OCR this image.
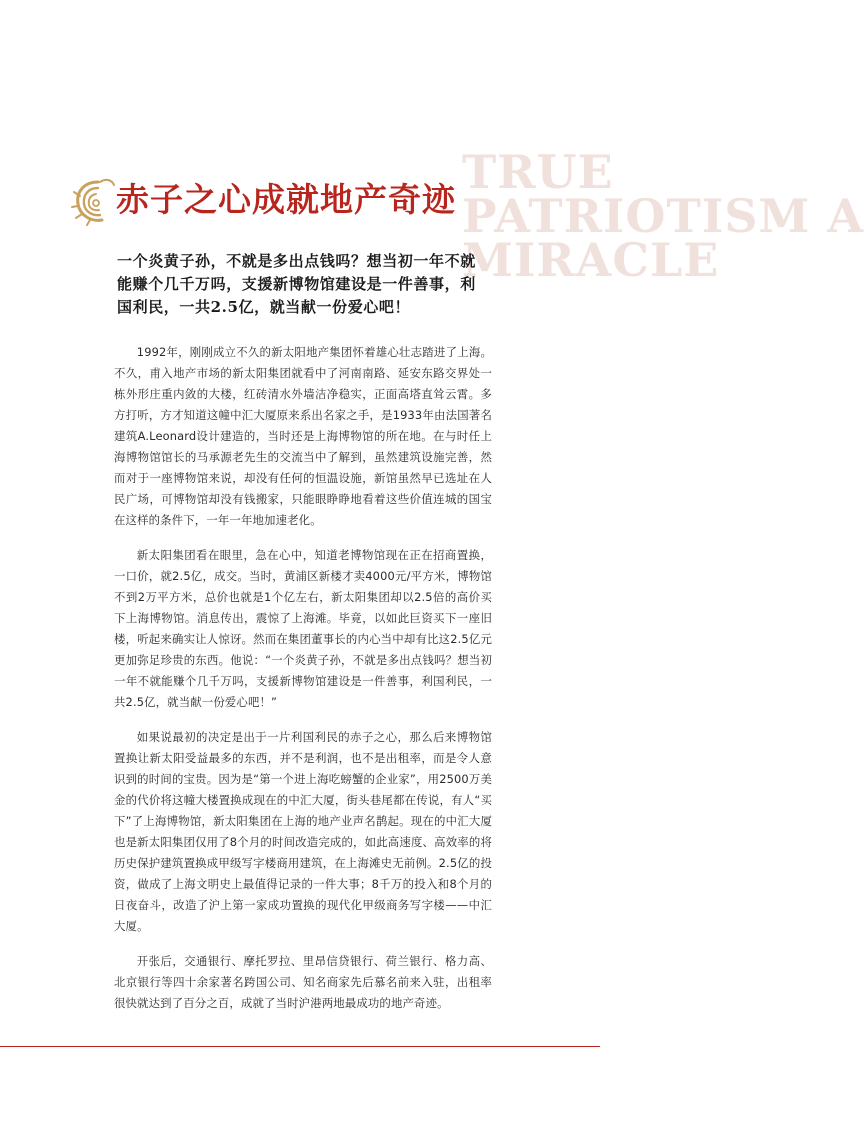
TRUE
PATRIOTISM A
MIRACLE
赤子之心成就地产奇迹
一个炎黄子孙，不就是多出点钱吗？想当初一年不就能赚个几千万吗，支援新博物馆建设是一件善事，利国利民，一共2.5亿，就当献一份爱心吧！

1992年，刚刚成立不久的新太阳地产集团怀着雄心壮志踏进了上海。不久，甫入地产市场的新太阳集团就看中了河南南路、延安东路交界处一栋外形庄重内敛的大楼，红砖清水外墙洁净稳实，正面高塔直耸云霄。多方打听，方才知道这幢中汇大厦原来系出名家之手，是1933年由法国著名建筑A.Leonard设计建造的，当时还是上海博物馆的所在地。在与时任上海博物馆馆长的马承源老先生的交流当中了解到，虽然建筑设施完善，然而对于一座博物馆来说，却没有任何的恒温设施，新馆虽然早已选址在人民广场，可博物馆却没有钱搬家，只能眼睁睁地看着这些价值连城的国宝在这样的条件下，一年一年地加速老化。

新太阳集团看在眼里，急在心中，知道老博物馆现在正在招商置换，一口价，就2.5亿，成交。当时，黄浦区新楼才卖4000元/平方米，博物馆不到2万平方米，总价也就是1个亿左右，新太阳集团却以2.5倍的高价买下上海博物馆。消息传出，震惊了上海滩。毕竟，以如此巨资买下一座旧楼，听起来确实让人惊讶。然而在集团董事长的内心当中却有比这2.5亿元更加弥足珍贵的东西。他说：“一个炎黄子孙，不就是多出点钱吗？想当初一年不就能赚个几千万吗，支援新博物馆建设是一件善事，利国利民，一共2.5亿，就当献一份爱心吧！”

如果说最初的决定是出于一片利国利民的赤子之心，那么后来博物馆置换让新太阳受益最多的东西，并不是利润，也不是出租率，而是令人意识到的时间的宝贵。因为是“第一个进上海吃螃蟹的企业家”，用2500万美金的代价将这幢大楼置换成现在的中汇大厦，街头巷尾都在传说，有人“买下”了上海博物馆，新太阳集团在上海的地产业声名鹊起。现在的中汇大厦也是新太阳集团仅用了8个月的时间改造完成的，如此高速度、高效率的将历史保护建筑置换成甲级写字楼商用建筑，在上海滩史无前例。2.5亿的投资，做成了上海文明史上最值得记录的一件大事；8千万的投入和8个月的日夜奋斗，改造了沪上第一家成功置换的现代化甲级商务写字楼——中汇大厦。

开张后，交通银行、摩托罗拉、里昂信贷银行、荷兰银行、格力高、北京银行等四十余家著名跨国公司、知名商家先后慕名前来入驻，出租率很快就达到了百分之百，成就了当时沪港两地最成功的地产奇迹。
